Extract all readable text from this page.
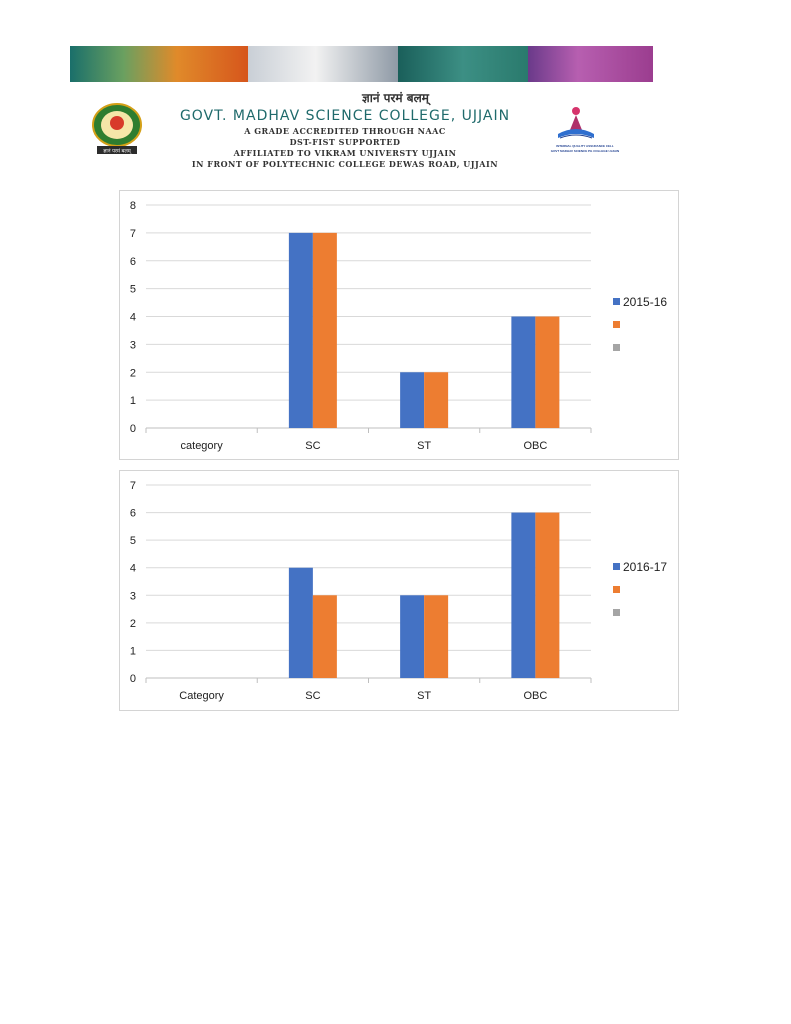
ज्ञानं परमं बलम्
ज्ञानं परमं बलम्
GOVT. MADHAV SCIENCE COLLEGE, UJJAIN
A GRADE ACCREDITED THROUGH NAAC
DST-FIST SUPPORTED
AFFILIATED TO VIKRAM UNIVERSTY UJJAIN
IN FRONT OF POLYTECHNIC COLLEGE DEWAS ROAD, UJJAIN
INTERNAL QUALITY ASSURANCE CELL
GOVT MADHAV SCIENCE PG COLLEGE UJJAIN
0
1
2
3
4
5
6
7
8
category	SC	ST	OBC
2015-16
0
1
2
3
4
5
6
7
Category	SC	ST	OBC
2016-17
